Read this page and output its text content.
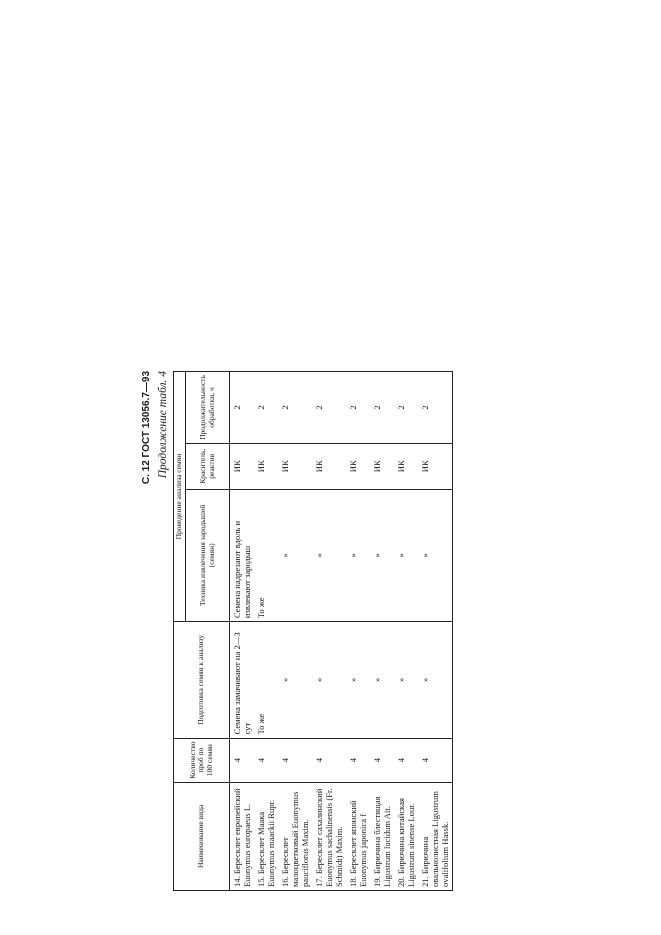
С. 12 ГОСТ 13056.7—93 Продолжение табл. 4
Наименование вида	Количество проб по 100 семян	Подготовка семян к анализу	Проведение анализа семян		
			Техника извлечения зародышей (семян)	Краситель, реактив	Продолжительность обработки, ч
14. Бересклет европейский Euonymus europaeus L.	4	Семена замачивают на 2—3 сут	Семена надрезают вдоль и извлекают зародыш	ИК	2
15. Бересклет Маака Euonymus maackii Rupr.	4	То же	То же	ИК	2
16. Бересклет малоцветковый Euonymus pauciflorus Maxim.	4	»	»	ИК	2
17. Бересклет сахалинский Euonymus sachalinensis (Fr. Schmidt) Maxim.	4	»	»	ИК	2
18. Бересклет японский Euonymus japonica f	4	»	»	ИК	2
19. Бирючина блестящая Ligustrum lucidum Ait.	4	»	»	ИК	2
20. Бирючина китайская Ligustrum sinense Lour.	4	»	»	ИК	2
21. Бирючина овальнолистная Ligustrum ovalifolium Hassk.	4	»	»	ИК	2
